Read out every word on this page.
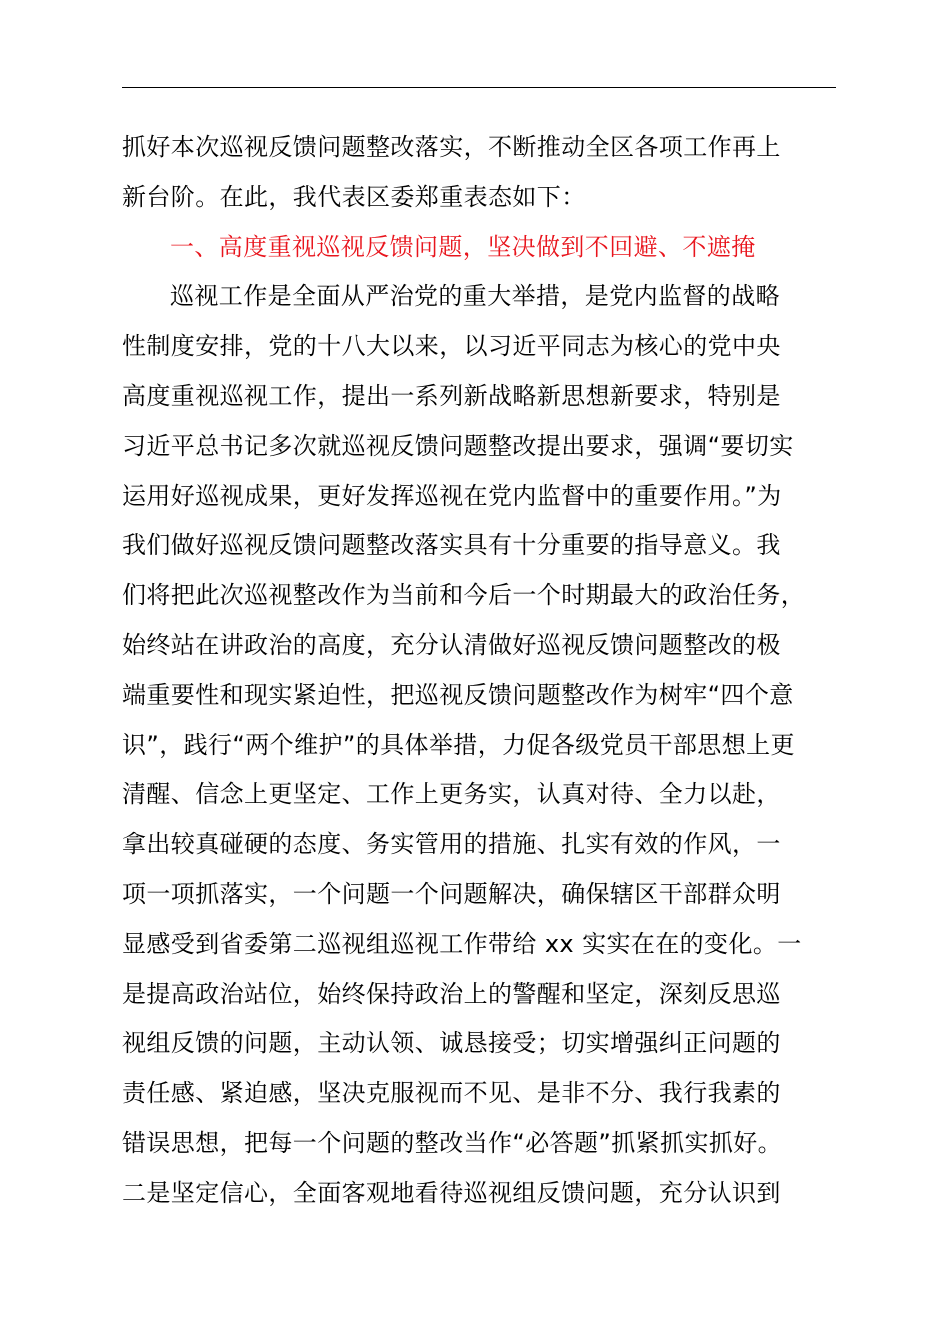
抓好本次巡视反馈问题整改落实，不断推动全区各项工作再上
新台阶。在此，我代表区委郑重表态如下：
一、高度重视巡视反馈问题，坚决做到不回避、不遮掩
巡视工作是全面从严治党的重大举措，是党内监督的战略
性制度安排，党的十八大以来，以习近平同志为核心的党中央
高度重视巡视工作，提出一系列新战略新思想新要求，特别是
习近平总书记多次就巡视反馈问题整改提出要求，强调“要切实
运用好巡视成果，更好发挥巡视在党内监督中的重要作用。”为
我们做好巡视反馈问题整改落实具有十分重要的指导意义。我
们将把此次巡视整改作为当前和今后一个时期最大的政治任务，
始终站在讲政治的高度，充分认清做好巡视反馈问题整改的极
端重要性和现实紧迫性，把巡视反馈问题整改作为树牢“四个意
识”，践行“两个维护”的具体举措，力促各级党员干部思想上更
清醒、信念上更坚定、工作上更务实，认真对待、全力以赴，
拿出较真碰硬的态度、务实管用的措施、扎实有效的作风，一
项一项抓落实，一个问题一个问题解决，确保辖区干部群众明
显感受到省委第二巡视组巡视工作带给 xx 实实在在的变化。一
是提高政治站位，始终保持政治上的警醒和坚定，深刻反思巡
视组反馈的问题，主动认领、诚恳接受；切实增强纠正问题的
责任感、紧迫感，坚决克服视而不见、是非不分、我行我素的
错误思想，把每一个问题的整改当作“必答题”抓紧抓实抓好。
二是坚定信心，全面客观地看待巡视组反馈问题，充分认识到
